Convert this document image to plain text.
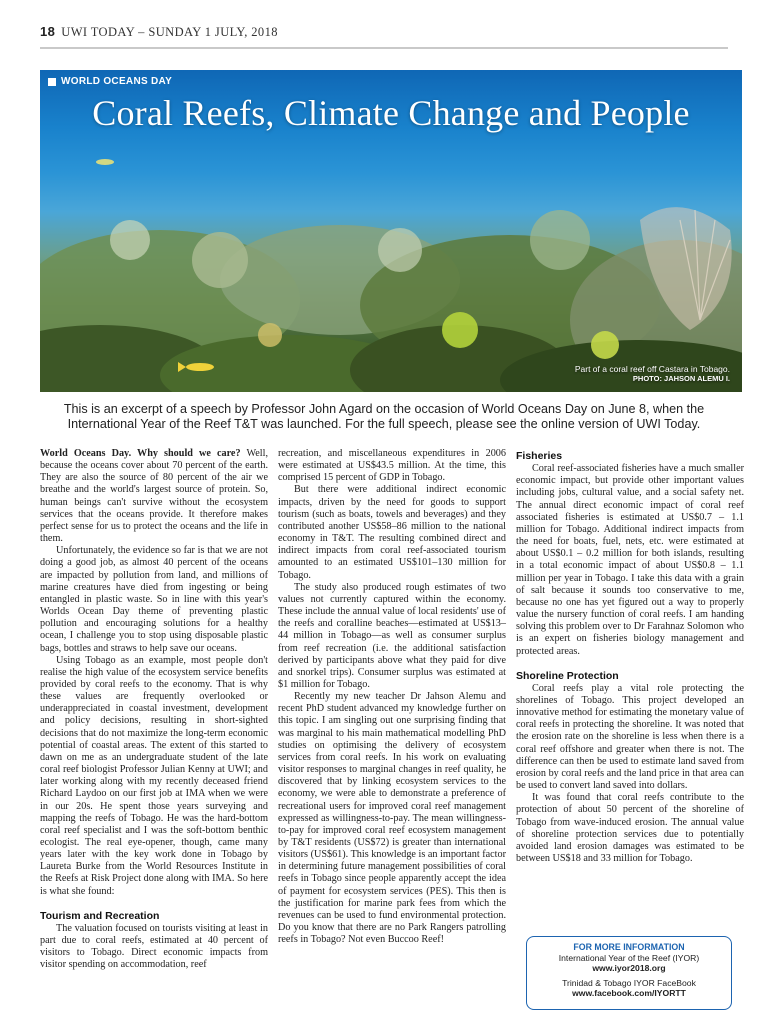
18 UWI TODAY – SUNDAY 1 JULY, 2018
WORLD OCEANS DAY
Coral Reefs, Climate Change and People
Part of a coral reef off Castara in Tobago.
PHOTO: JAHSON ALEMU I.
This is an excerpt of a speech by Professor John Agard on the occasion of World Oceans Day on June 8, when the International Year of the Reef T&T was launched. For the full speech, please see the online version of UWI Today.

World Oceans Day. Why should we care? Well, because the oceans cover about 70 percent of the earth. They are also the source of 80 percent of the air we breathe and the world's largest source of protein. So, human beings can't survive without the ecosystem services that the oceans provide. It therefore makes perfect sense for us to protect the oceans and the life in them.

Unfortunately, the evidence so far is that we are not doing a good job, as almost 40 percent of the oceans are impacted by pollution from land, and millions of marine creatures have died from ingesting or being entangled in plastic waste. So in line with this year's Worlds Ocean Day theme of preventing plastic pollution and encouraging solutions for a healthy ocean, I challenge you to stop using disposable plastic bags, bottles and straws to help save our oceans.

Using Tobago as an example, most people don't realise the high value of the ecosystem service benefits provided by coral reefs to the economy. That is why these values are frequently overlooked or underappreciated in coastal investment, development and policy decisions, resulting in short-sighted decisions that do not maximize the long-term economic potential of coastal areas. The extent of this started to dawn on me as an undergraduate student of the late coral reef biologist Professor Julian Kenny at UWI; and later working along with my recently deceased friend Richard Laydoo on our first job at IMA when we were in our 20s. He spent those years surveying and mapping the reefs of Tobago. He was the hard-bottom coral reef specialist and I was the soft-bottom benthic ecologist. The real eye-opener, though, came many years later with the key work done in Tobago by Laureta Burke from the World Resources Institute in the Reefs at Risk Project done along with IMA. So here is what she found:

Tourism and Recreation

The valuation focused on tourists visiting at least in part due to coral reefs, estimated at 40 percent of visitors to Tobago. Direct economic impacts from visitor spending on accommodation, reef

recreation, and miscellaneous expenditures in 2006 were estimated at US$43.5 million. At the time, this comprised 15 percent of GDP in Tobago.

But there were additional indirect economic impacts, driven by the need for goods to support tourism (such as boats, towels and beverages) and they contributed another US$58–86 million to the national economy in T&T. The resulting combined direct and indirect impacts from coral reef-associated tourism amounted to an estimated US$101–130 million for Tobago.

The study also produced rough estimates of two values not currently captured within the economy. These include the annual value of local residents' use of the reefs and coralline beaches—estimated at US$13–44 million in Tobago—as well as consumer surplus from reef recreation (i.e. the additional satisfaction derived by participants above what they paid for dive and snorkel trips). Consumer surplus was estimated at $1 million for Tobago.

Recently my new teacher Dr Jahson Alemu and recent PhD student advanced my knowledge further on this topic. I am singling out one surprising finding that was marginal to his main mathematical modelling PhD studies on optimising the delivery of ecosystem services from coral reefs. In his work on evaluating visitor responses to marginal changes in reef quality, he discovered that by linking ecosystem services to the economy, we were able to demonstrate a preference of recreational users for improved coral reef management expressed as willingness-to-pay. The mean willingness-to-pay for improved coral reef ecosystem management by T&T residents (US$72) is greater than international visitors (US$61). This knowledge is an important factor in determining future management possibilities of coral reefs in Tobago since people apparently accept the idea of payment for ecosystem services (PES). This then is the justification for marine park fees from which the revenues can be used to fund environmental protection. Do you know that there are no Park Rangers patrolling reefs in Tobago? Not even Buccoo Reef!

Fisheries

Coral reef-associated fisheries have a much smaller economic impact, but provide other important values including jobs, cultural value, and a social safety net. The annual direct economic impact of coral reef associated fisheries is estimated at US$0.7 – 1.1 million for Tobago. Additional indirect impacts from the need for boats, fuel, nets, etc. were estimated at about US$0.1 – 0.2 million for both islands, resulting in a total economic impact of about US$0.8 – 1.1 million per year in Tobago. I take this data with a grain of salt because it sounds too conservative to me, because no one has yet figured out a way to properly value the nursery function of coral reefs. I am handing solving this problem over to Dr Farahnaz Solomon who is an expert on fisheries biology management and protected areas.

Shoreline Protection

Coral reefs play a vital role protecting the shorelines of Tobago. This project developed an innovative method for estimating the monetary value of coral reefs in protecting the shoreline. It was noted that the erosion rate on the shoreline is less when there is a coral reef offshore and greater when there is not. The difference can then be used to estimate land saved from erosion by coral reefs and the land price in that area can be used to convert land saved into dollars.

It was found that coral reefs contribute to the protection of about 50 percent of the shoreline of Tobago from wave-induced erosion. The annual value of shoreline protection services due to potentially avoided land erosion damages was estimated to be between US$18 and 33 million for Tobago.

FOR MORE INFORMATION
International Year of the Reef (IYOR)
www.iyor2018.org
Trinidad & Tobago IYOR FaceBook
www.facebook.com/IYORTT
